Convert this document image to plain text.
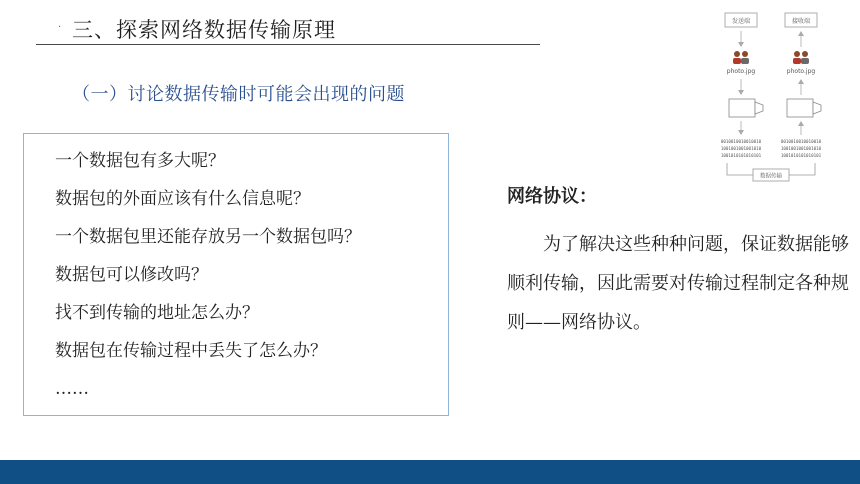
· 三、探索网络数据传输原理
（一）讨论数据传输时可能会出现的问题
一个数据包有多大呢？
数据包的外面应该有什么信息呢？
一个数据包里还能存放另一个数据包吗？
数据包可以修改吗？
找不到传输的地址怎么办？
数据包在传输过程中丢失了怎么办？
……
网络协议：

为了解决这些种种问题，保证数据能够顺利传输，因此需要对传输过程制定各种规则——网络协议。

发送端	接收端
photo.jpg	photo.jpg
0010010010010010
1001001001001010
1001010101010101
0010010010010010
1001001001001010
1001010101010101
数据传输
